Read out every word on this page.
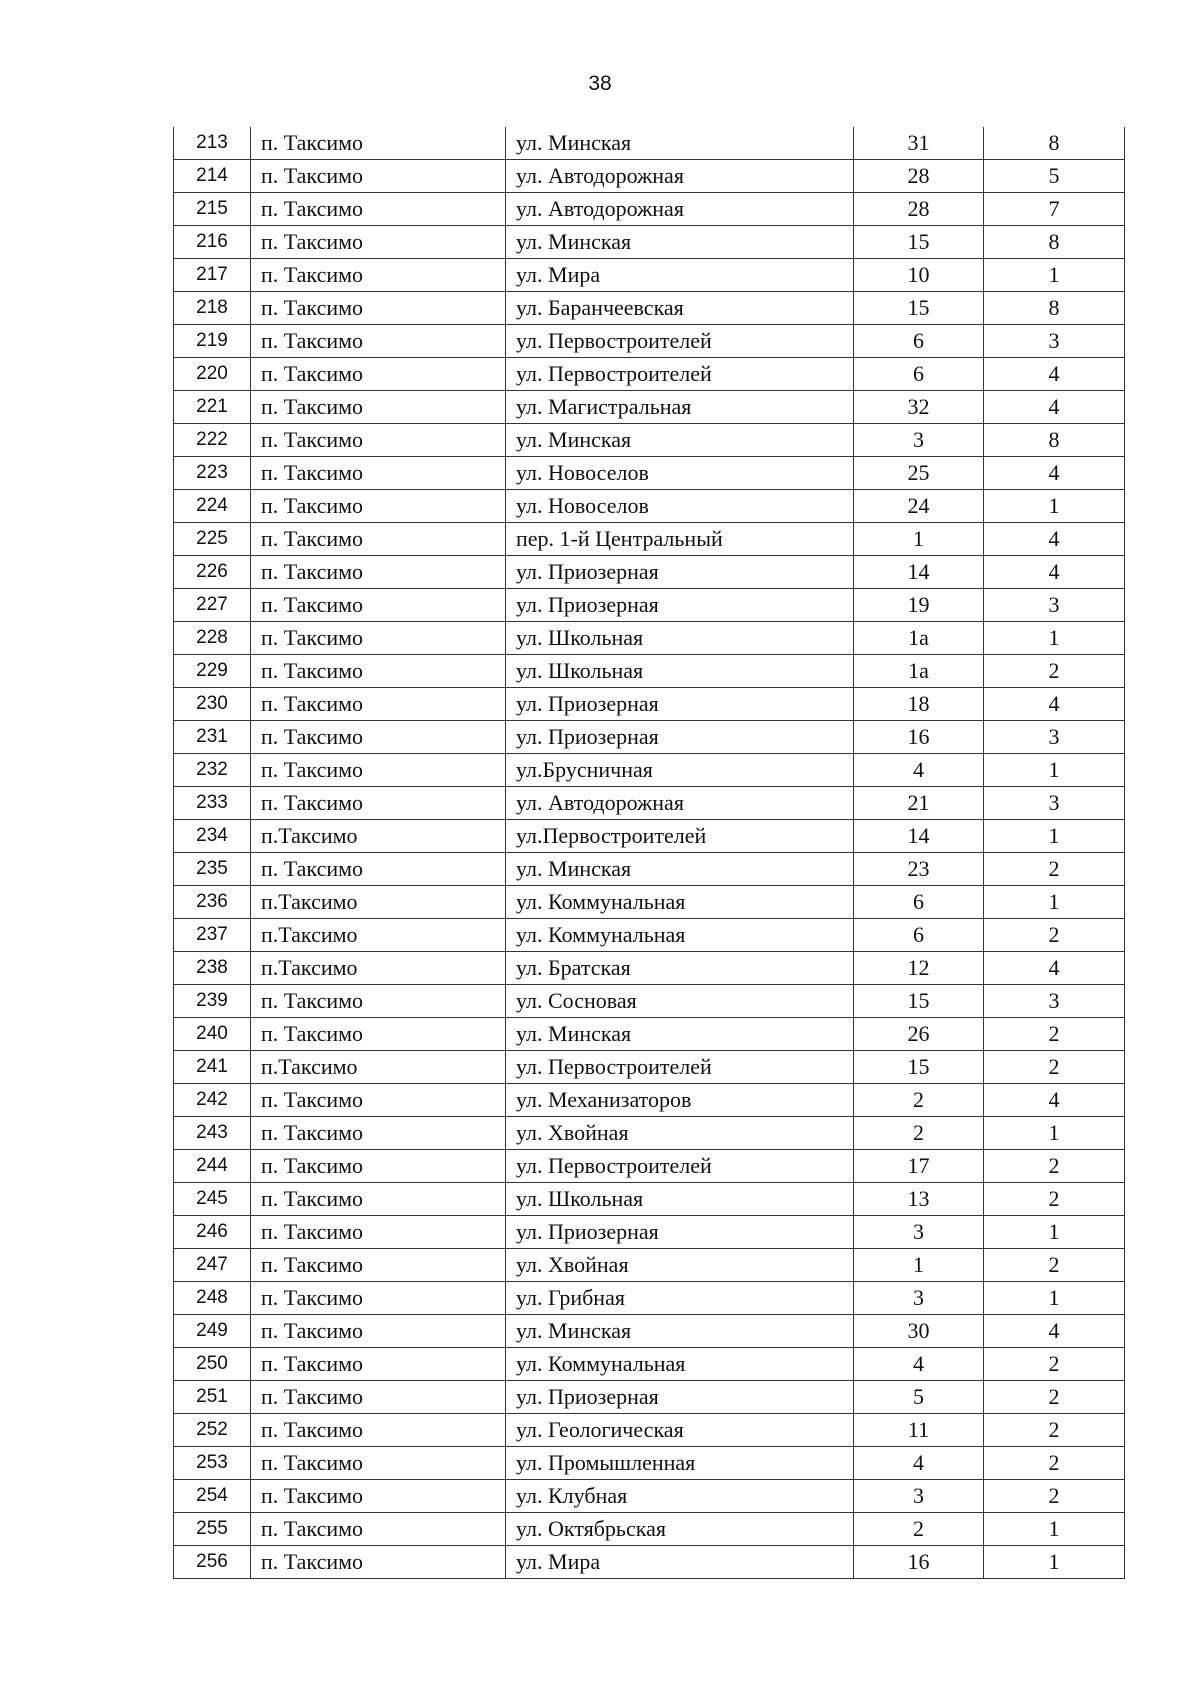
38
213	п. Таксимо	ул. Минская	31	8
214	п. Таксимо	ул. Автодорожная	28	5
215	п. Таксимо	ул. Автодорожная	28	7
216	п. Таксимо	ул. Минская	15	8
217	п. Таксимо	ул. Мира	10	1
218	п. Таксимо	ул. Баранчеевская	15	8
219	п. Таксимо	ул. Первостроителей	6	3
220	п. Таксимо	ул. Первостроителей	6	4
221	п. Таксимо	ул. Магистральная	32	4
222	п. Таксимо	ул. Минская	3	8
223	п. Таксимо	ул. Новоселов	25	4
224	п. Таксимо	ул. Новоселов	24	1
225	п. Таксимо	пер. 1-й Центральный	1	4
226	п. Таксимо	ул. Приозерная	14	4
227	п. Таксимо	ул. Приозерная	19	3
228	п. Таксимо	ул. Школьная	1а	1
229	п. Таксимо	ул. Школьная	1а	2
230	п. Таксимо	ул. Приозерная	18	4
231	п. Таксимо	ул. Приозерная	16	3
232	п. Таксимо	ул.Брусничная	4	1
233	п. Таксимо	ул. Автодорожная	21	3
234	п.Таксимо	ул.Первостроителей	14	1
235	п. Таксимо	ул. Минская	23	2
236	п.Таксимо	ул. Коммунальная	6	1
237	п.Таксимо	ул. Коммунальная	6	2
238	п.Таксимо	ул. Братская	12	4
239	п. Таксимо	ул. Сосновая	15	3
240	п. Таксимо	ул. Минская	26	2
241	п.Таксимо	ул. Первостроителей	15	2
242	п. Таксимо	ул. Механизаторов	2	4
243	п. Таксимо	ул. Хвойная	2	1
244	п. Таксимо	ул. Первостроителей	17	2
245	п. Таксимо	ул. Школьная	13	2
246	п. Таксимо	ул. Приозерная	3	1
247	п. Таксимо	ул. Хвойная	1	2
248	п. Таксимо	ул. Грибная	3	1
249	п. Таксимо	ул. Минская	30	4
250	п. Таксимо	ул. Коммунальная	4	2
251	п. Таксимо	ул. Приозерная	5	2
252	п. Таксимо	ул. Геологическая	11	2
253	п. Таксимо	ул. Промышленная	4	2
254	п. Таксимо	ул. Клубная	3	2
255	п. Таксимо	ул. Октябрьская	2	1
256	п. Таксимо	ул. Мира	16	1
